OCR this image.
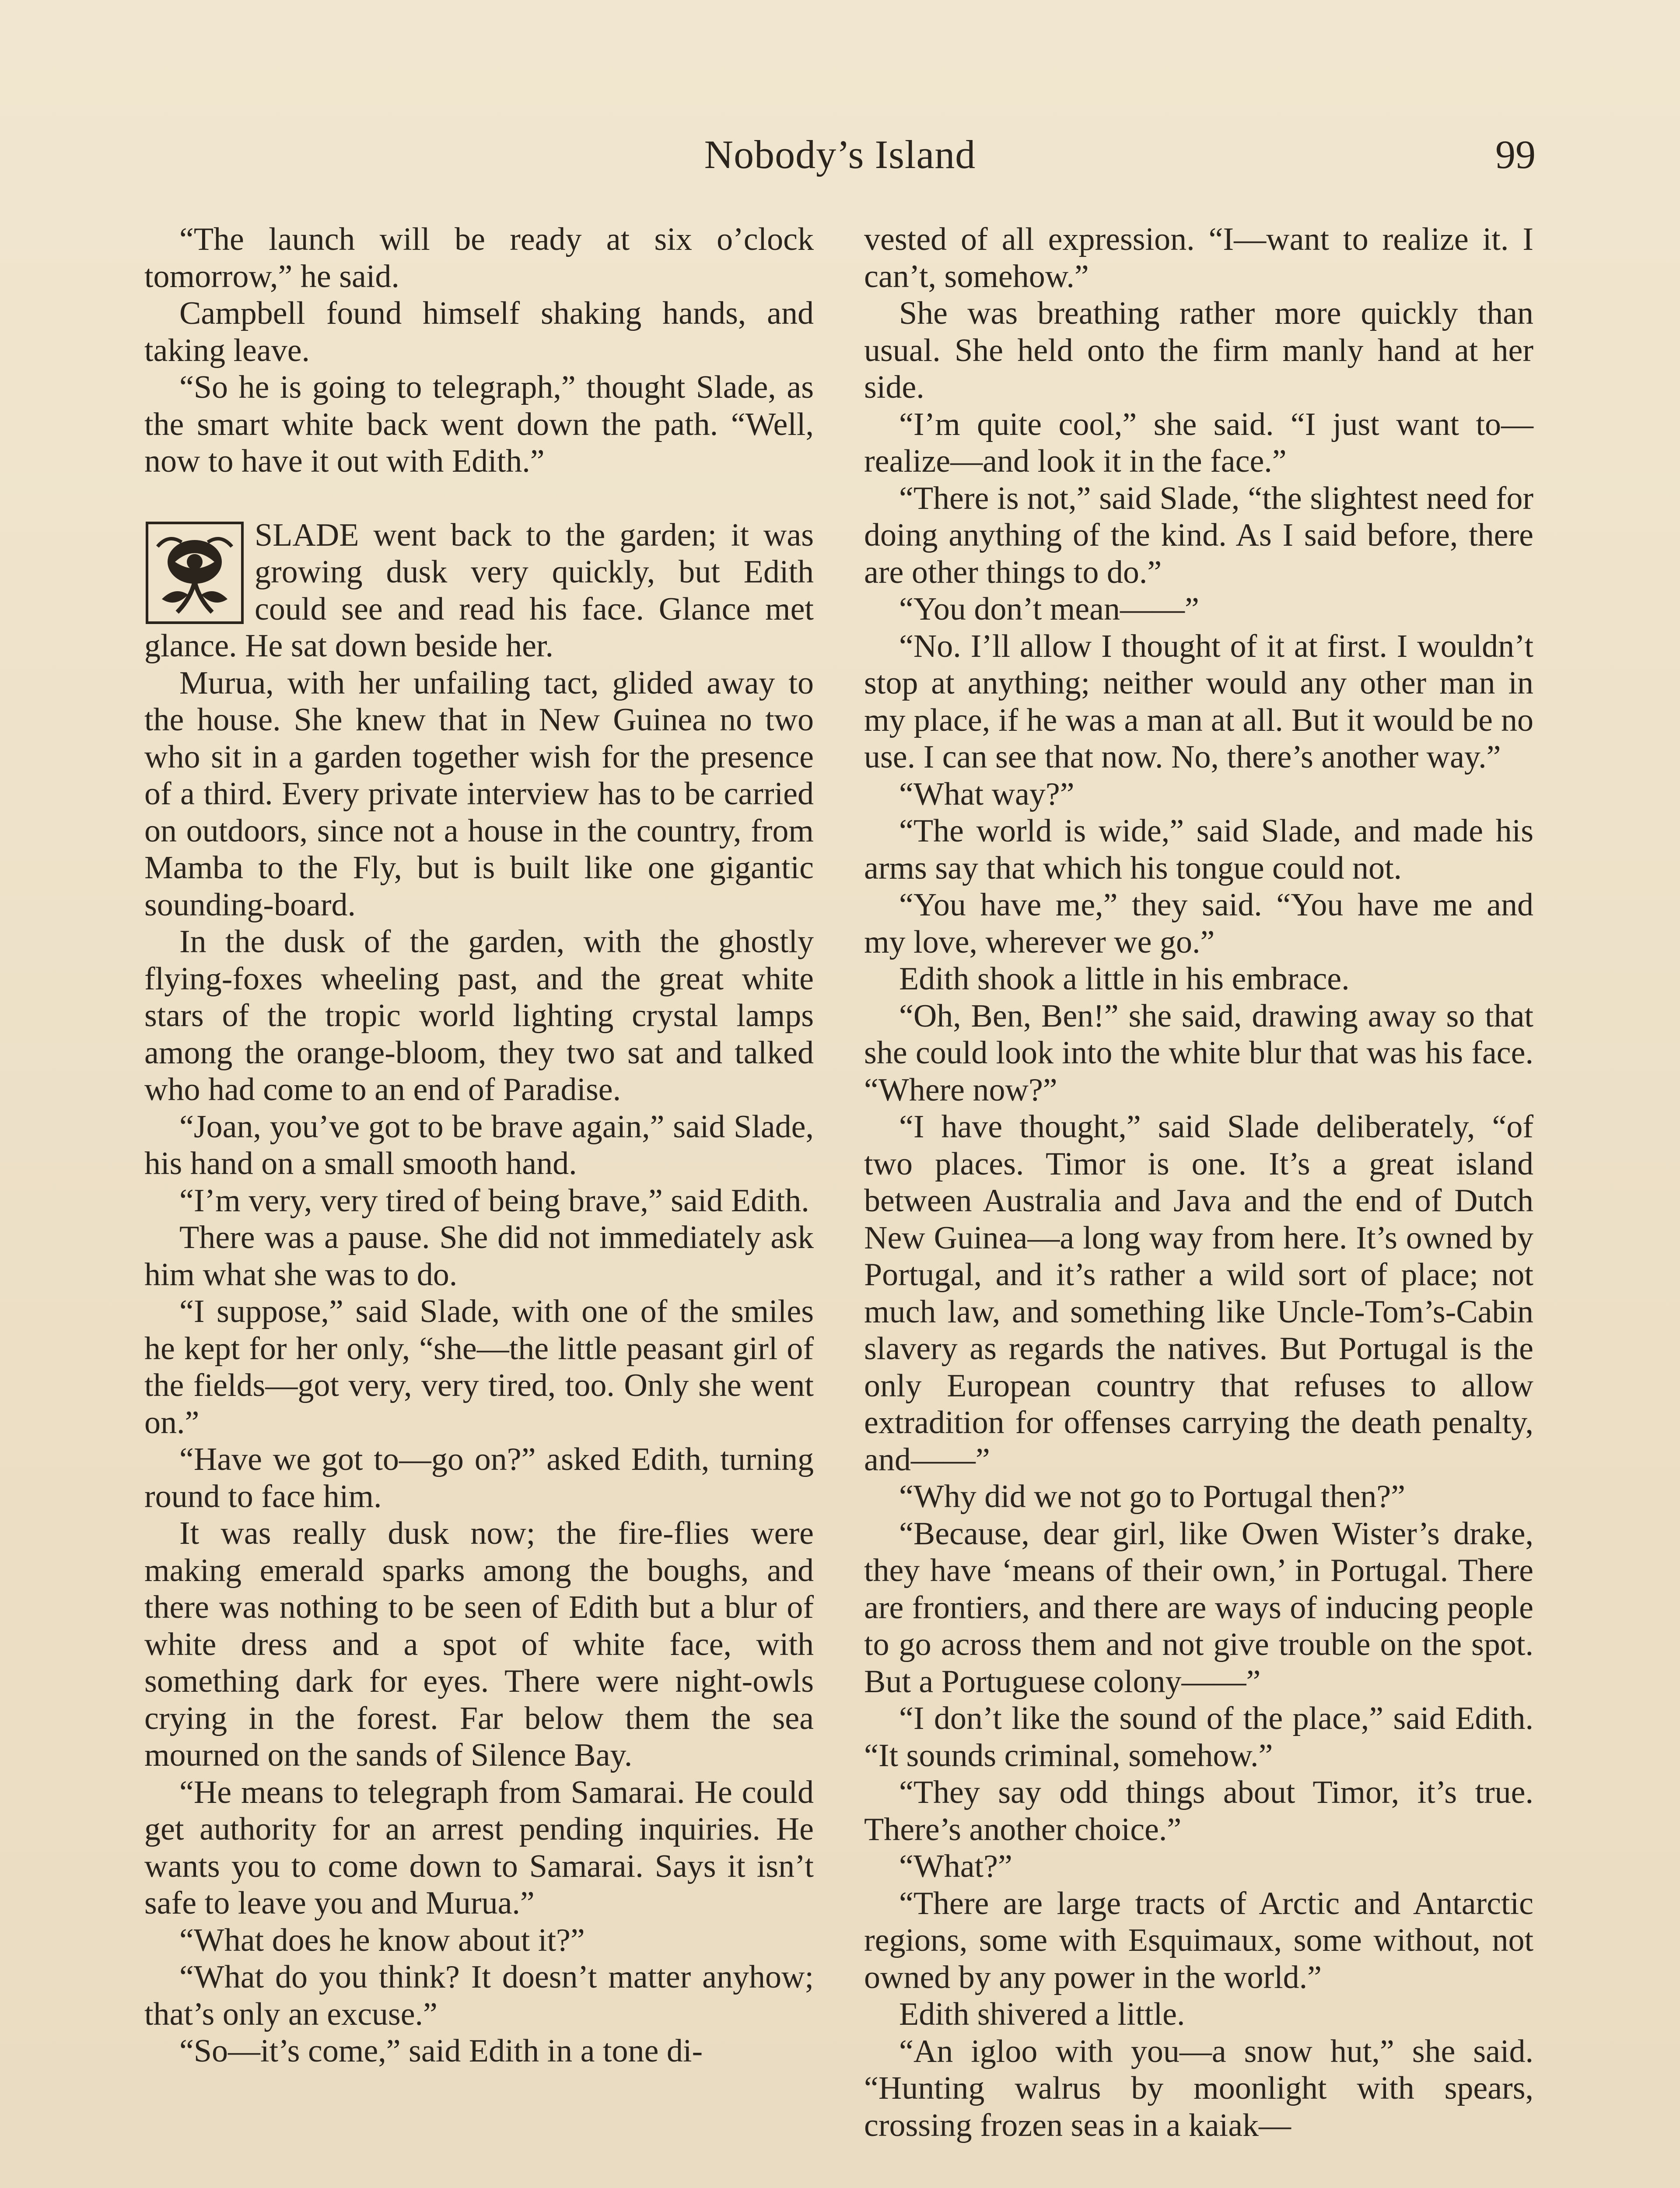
Nobody’s Island	99

“The launch will be ready at six o’clock tomorrow,” he said.

Campbell found himself shaking hands, and taking leave.

“So he is going to telegraph,” thought Slade, as the smart white back went down the path. “Well, now to have it out with Edith.”

SLADE went back to the garden; it was growing dusk very quickly, but Edith could see and read his face. Glance met glance. He sat down beside her.

Murua, with her unfailing tact, glided away to the house. She knew that in New Guinea no two who sit in a garden together wish for the presence of a third. Every private interview has to be carried on outdoors, since not a house in the country, from Mamba to the Fly, but is built like one gigantic sounding-board.

In the dusk of the garden, with the ghostly flying-foxes wheeling past, and the great white stars of the tropic world lighting crystal lamps among the orange-bloom, they two sat and talked who had come to an end of Paradise.

“Joan, you’ve got to be brave again,” said Slade, his hand on a small smooth hand.

“I’m very, very tired of being brave,” said Edith.

There was a pause. She did not immediately ask him what she was to do.

“I suppose,” said Slade, with one of the smiles he kept for her only, “she—the little peasant girl of the fields—got very, very tired, too. Only she went on.”

“Have we got to—go on?” asked Edith, turning round to face him.

It was really dusk now; the fire-flies were making emerald sparks among the boughs, and there was nothing to be seen of Edith but a blur of white dress and a spot of white face, with something dark for eyes. There were night-owls crying in the forest. Far below them the sea mourned on the sands of Silence Bay.

“He means to telegraph from Samarai. He could get authority for an arrest pending inquiries. He wants you to come down to Samarai. Says it isn’t safe to leave you and Murua.”

“What does he know about it?”

“What do you think? It doesn’t matter anyhow; that’s only an excuse.”

“So—it’s come,” said Edith in a tone di-

vested of all expression. “I—want to realize it. I can’t, somehow.”

She was breathing rather more quickly than usual. She held onto the firm manly hand at her side.

“I’m quite cool,” she said. “I just want to—realize—and look it in the face.”

“There is not,” said Slade, “the slightest need for doing anything of the kind. As I said before, there are other things to do.”

“You don’t mean——”

“No. I’ll allow I thought of it at first. I wouldn’t stop at anything; neither would any other man in my place, if he was a man at all. But it would be no use. I can see that now. No, there’s another way.”

“What way?”

“The world is wide,” said Slade, and made his arms say that which his tongue could not.

“You have me,” they said. “You have me and my love, wherever we go.”

Edith shook a little in his embrace.

“Oh, Ben, Ben!” she said, drawing away so that she could look into the white blur that was his face. “Where now?”

“I have thought,” said Slade deliberately, “of two places. Timor is one. It’s a great island between Australia and Java and the end of Dutch New Guinea—a long way from here. It’s owned by Portugal, and it’s rather a wild sort of place; not much law, and something like Uncle-Tom’s-Cabin slavery as regards the natives. But Portugal is the only European country that refuses to allow extradition for offenses carrying the death penalty, and——”

“Why did we not go to Portugal then?”

“Because, dear girl, like Owen Wister’s drake, they have ‘means of their own,’ in Portugal. There are frontiers, and there are ways of inducing people to go across them and not give trouble on the spot. But a Portuguese colony——”

“I don’t like the sound of the place,” said Edith. “It sounds criminal, somehow.”

“They say odd things about Timor, it’s true. There’s another choice.”

“What?”

“There are large tracts of Arctic and Antarctic regions, some with Esquimaux, some without, not owned by any power in the world.”

Edith shivered a little.

“An igloo with you—a snow hut,” she said. “Hunting walrus by moonlight with spears, crossing frozen seas in a kaiak—
